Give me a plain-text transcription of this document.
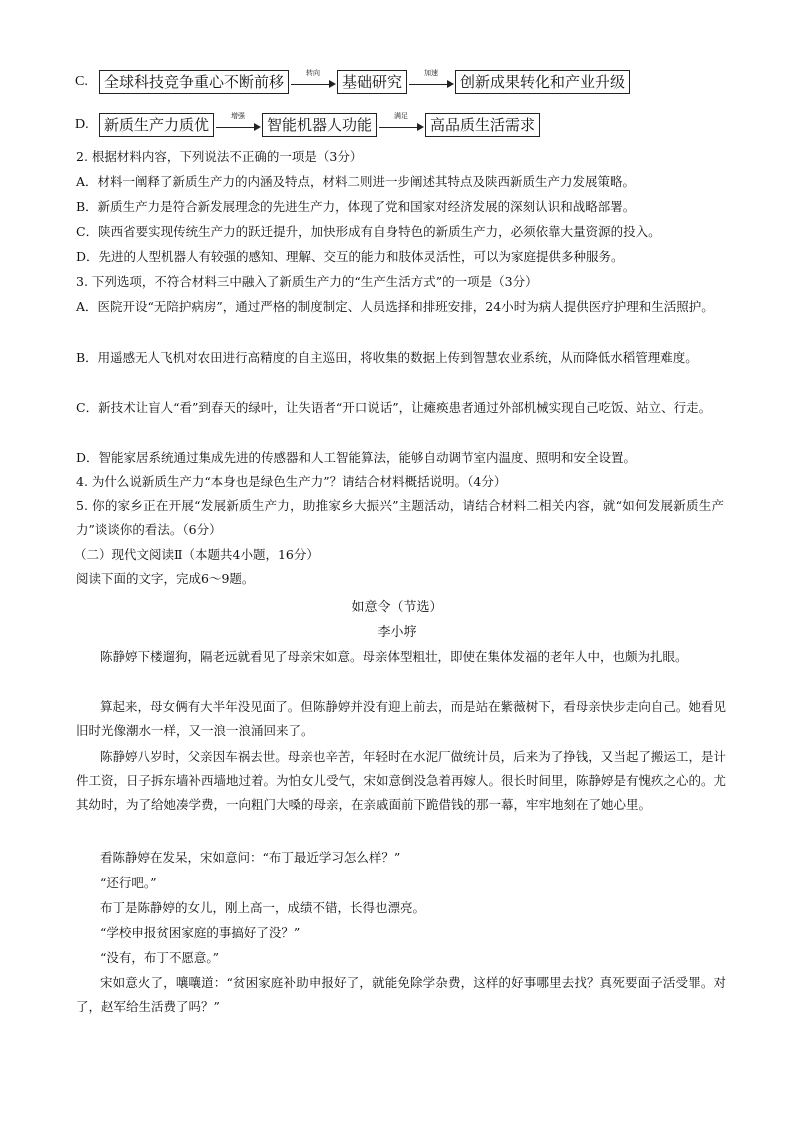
C.	全球科技竞争重心不断前移	转向	基础研究	加速	创新成果转化和产业升级
D.	新质生产力质优	增强	智能机器人功能	满足	高品质生活需求
2. 根据材料内容，下列说法不正确的一项是（3分）
A．材料一阐释了新质生产力的内涵及特点，材料二则进一步阐述其特点及陕西新质生产力发展策略。
B．新质生产力是符合新发展理念的先进生产力，体现了党和国家对经济发展的深刻认识和战略部署。
C．陕西省要实现传统生产力的跃迁提升，加快形成有自身特色的新质生产力，必须依靠大量资源的投入。
D．先进的人型机器人有较强的感知、理解、交互的能力和肢体灵活性，可以为家庭提供多种服务。
3. 下列选项，不符合材料三中融入了新质生产力的“生产生活方式”的一项是（3分）
A．医院开设“无陪护病房”，通过严格的制度制定、人员选择和排班安排，24小时为病人提供医疗护理和生活照护。
B．用遥感无人飞机对农田进行高精度的自主巡田，将收集的数据上传到智慧农业系统，从而降低水稻管理难度。
C．新技术让盲人“看”到春天的绿叶，让失语者“开口说话”，让瘫痪患者通过外部机械实现自己吃饭、站立、行走。
D．智能家居系统通过集成先进的传感器和人工智能算法，能够自动调节室内温度、照明和安全设置。
4. 为什么说新质生产力“本身也是绿色生产力”？请结合材料概括说明。（4分）
5. 你的家乡正在开展“发展新质生产力，助推家乡大振兴”主题活动，请结合材料二相关内容，就“如何发展新质生产力”谈谈你的看法。（6分）
（二）现代文阅读Ⅱ（本题共4小题，16分）
阅读下面的文字，完成6～9题。
如意令（节选）
李小垿
陈静婷下楼遛狗，隔老远就看见了母亲宋如意。母亲体型粗壮，即使在集体发福的老年人中，也颇为扎眼。
算起来，母女俩有大半年没见面了。但陈静婷并没有迎上前去，而是站在紫薇树下，看母亲快步走向自己。她看见旧时光像潮水一样，又一浪一浪涌回来了。
陈静婷八岁时，父亲因车祸去世。母亲也辛苦，年轻时在水泥厂做统计员，后来为了挣钱，又当起了搬运工，是计件工资，日子拆东墙补西墙地过着。为怕女儿受气，宋如意倒没急着再嫁人。很长时间里，陈静婷是有愧疚之心的。尤其幼时，为了给她凑学费，一向粗门大嗓的母亲，在亲戚面前下跪借钱的那一幕，牢牢地刻在了她心里。
看陈静婷在发呆，宋如意问：“布丁最近学习怎么样？”
“还行吧。”
布丁是陈静婷的女儿，刚上高一，成绩不错，长得也漂亮。
“学校申报贫困家庭的事搞好了没？”
“没有，布丁不愿意。”
宋如意火了，嚷嚷道：“贫困家庭补助申报好了，就能免除学杂费，这样的好事哪里去找？真死要面子活受罪。对了，赵军给生活费了吗？”
